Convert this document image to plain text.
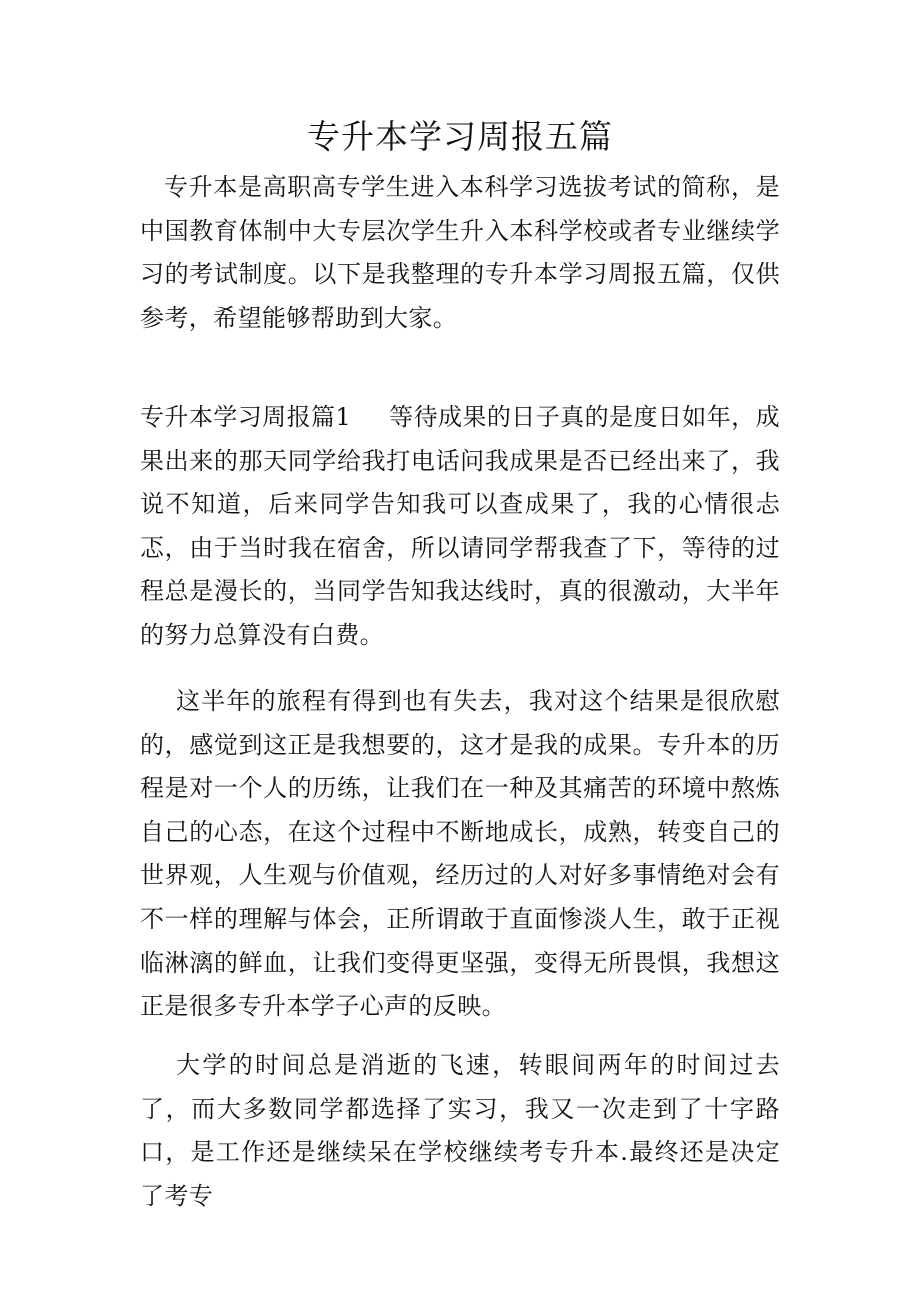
专升本学习周报五篇

专升本是高职高专学生进入本科学习选拔考试的简称，是中国教育体制中大专层次学生升入本科学校或者专业继续学习的考试制度。以下是我整理的专升本学习周报五篇，仅供参考，希望能够帮助到大家。

专升本学习周报篇1 等待成果的日子真的是度日如年，成果出来的那天同学给我打电话问我成果是否已经出来了，我说不知道，后来同学告知我可以查成果了，我的心情很忐忑，由于当时我在宿舍，所以请同学帮我查了下，等待的过程总是漫长的，当同学告知我达线时，真的很激动，大半年的努力总算没有白费。

这半年的旅程有得到也有失去，我对这个结果是很欣慰的，感觉到这正是我想要的，这才是我的成果。专升本的历程是对一个人的历练，让我们在一种及其痛苦的环境中熬炼自己的心态，在这个过程中不断地成长，成熟，转变自己的世界观，人生观与价值观，经历过的人对好多事情绝对会有不一样的理解与体会，正所谓敢于直面惨淡人生，敢于正视临淋漓的鲜血，让我们变得更坚强，变得无所畏惧，我想这正是很多专升本学子心声的反映。

大学的时间总是消逝的飞速，转眼间两年的时间过去了，而大多数同学都选择了实习，我又一次走到了十字路口，是工作还是继续呆在学校继续考专升本.最终还是决定了考专
